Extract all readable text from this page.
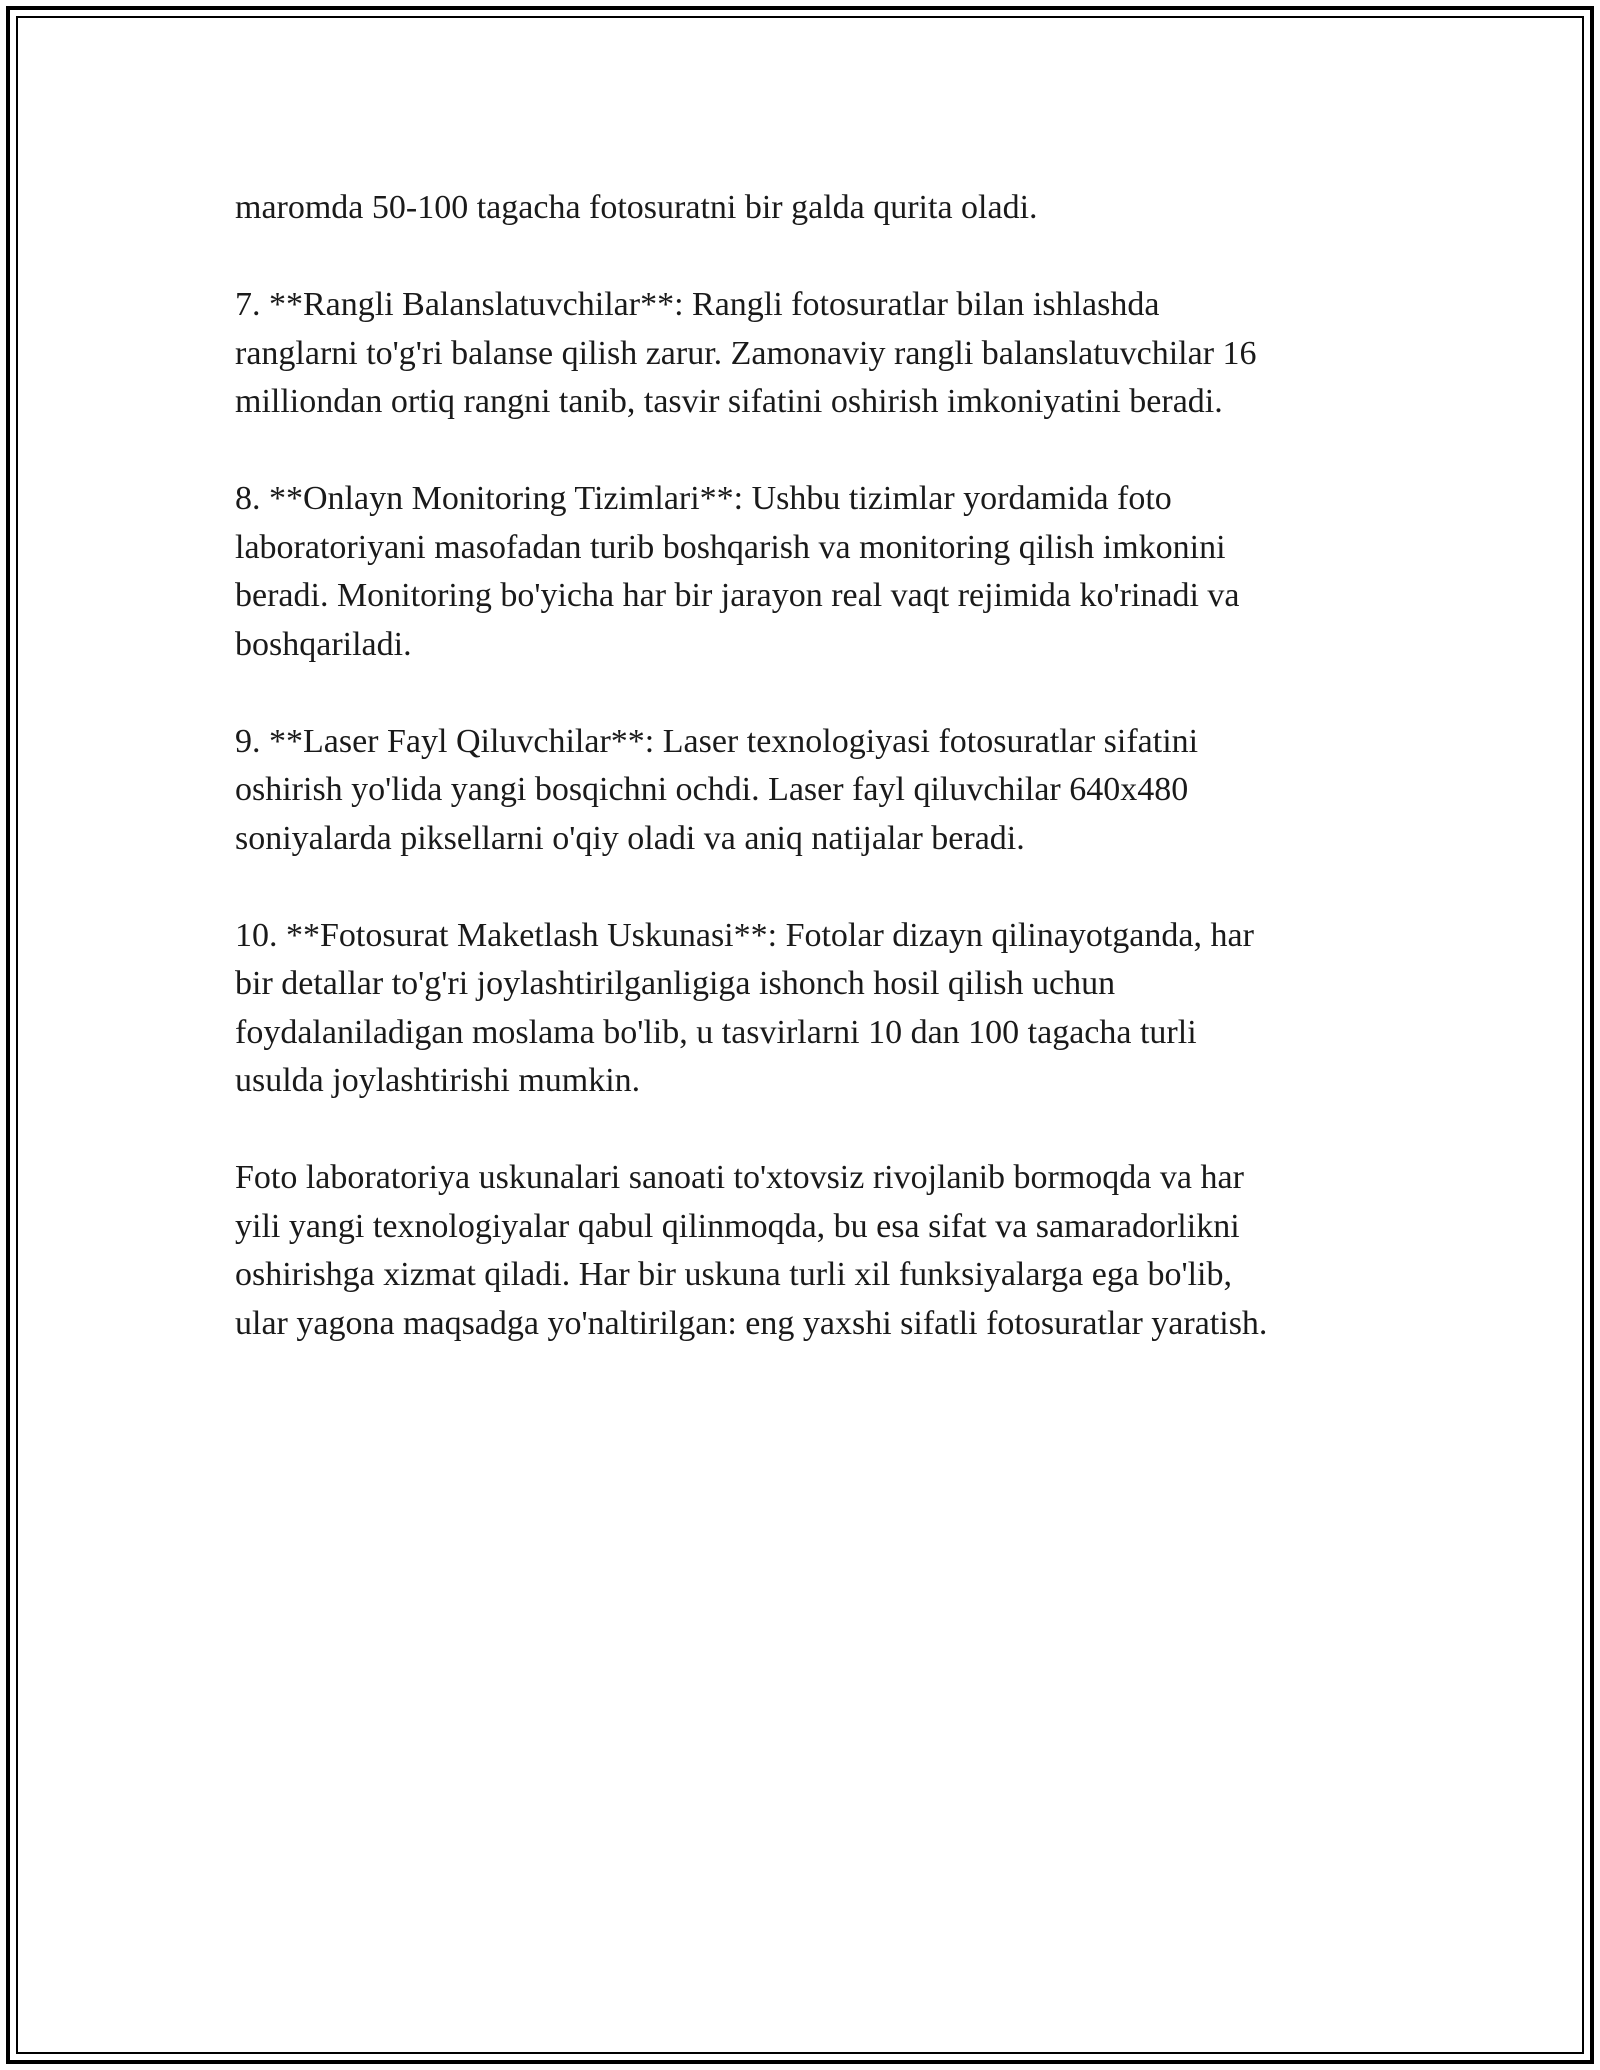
maromda 50-100 tagacha fotosuratni bir galda qurita oladi.

7. **Rangli Balanslatuvchilar**: Rangli fotosuratlar bilan ishlashda
ranglarni to'g'ri balanse qilish zarur. Zamonaviy rangli balanslatuvchilar 16
milliondan ortiq rangni tanib, tasvir sifatini oshirish imkoniyatini beradi.

8. **Onlayn Monitoring Tizimlari**: Ushbu tizimlar yordamida foto
laboratoriyani masofadan turib boshqarish va monitoring qilish imkonini
beradi. Monitoring bo'yicha har bir jarayon real vaqt rejimida ko'rinadi va
boshqariladi.

9. **Laser Fayl Qiluvchilar**: Laser texnologiyasi fotosuratlar sifatini
oshirish yo'lida yangi bosqichni ochdi. Laser fayl qiluvchilar 640x480
soniyalarda piksellarni o'qiy oladi va aniq natijalar beradi.

10. **Fotosurat Maketlash Uskunasi**: Fotolar dizayn qilinayotganda, har
bir detallar to'g'ri joylashtirilganligiga ishonch hosil qilish uchun
foydalaniladigan moslama bo'lib, u tasvirlarni 10 dan 100 tagacha turli
usulda joylashtirishi mumkin.

Foto laboratoriya uskunalari sanoati to'xtovsiz rivojlanib bormoqda va har
yili yangi texnologiyalar qabul qilinmoqda, bu esa sifat va samaradorlikni
oshirishga xizmat qiladi. Har bir uskuna turli xil funksiyalarga ega bo'lib,
ular yagona maqsadga yo'naltirilgan: eng yaxshi sifatli fotosuratlar yaratish.
